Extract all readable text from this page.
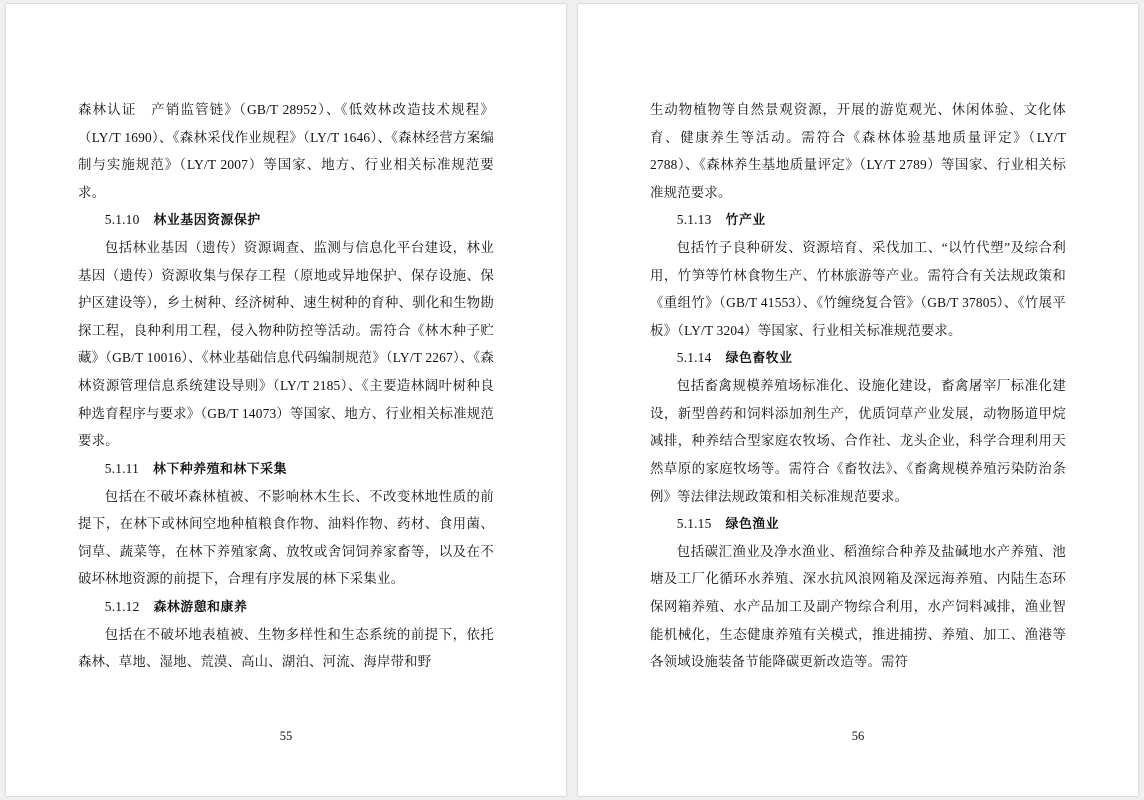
森林认证　产销监管链》（GB/T 28952）、《低效林改造技术规程》（LY/T 1690）、《森林采伐作业规程》（LY/T 1646）、《森林经营方案编制与实施规范》（LY/T 2007）等国家、地方、行业相关标准规范要求。

5.1.10 林业基因资源保护

包括林业基因（遗传）资源调查、监测与信息化平台建设，林业基因（遗传）资源收集与保存工程（原地或异地保护、保存设施、保护区建设等），乡土树种、经济树种、速生树种的育种、驯化和生物勘探工程，良种利用工程，侵入物种防控等活动。需符合《林木种子贮藏》（GB/T 10016）、《林业基础信息代码编制规范》（LY/T 2267）、《森林资源管理信息系统建设导则》（LY/T 2185）、《主要造林阔叶树种良种选育程序与要求》（GB/T 14073）等国家、地方、行业相关标准规范要求。

5.1.11 林下种养殖和林下采集

包括在不破坏森林植被、不影响林木生长、不改变林地性质的前提下，在林下或林间空地种植粮食作物、油料作物、药材、食用菌、饲草、蔬菜等，在林下养殖家禽、放牧或舍饲饲养家畜等，以及在不破坏林地资源的前提下，合理有序发展的林下采集业。

5.1.12 森林游憩和康养

包括在不破坏地表植被、生物多样性和生态系统的前提下，依托森林、草地、湿地、荒漠、高山、湖泊、河流、海岸带和野

55

生动物植物等自然景观资源，开展的游览观光、休闲体验、文化体育、健康养生等活动。需符合《森林体验基地质量评定》（LY/T 2788）、《森林养生基地质量评定》（LY/T 2789）等国家、行业相关标准规范要求。

5.1.13 竹产业

包括竹子良种研发、资源培育、采伐加工、“以竹代塑”及综合利用，竹笋等竹林食物生产、竹林旅游等产业。需符合有关法规政策和《重组竹》（GB/T 41553）、《竹缠绕复合管》（GB/T 37805）、《竹展平板》（LY/T 3204）等国家、行业相关标准规范要求。

5.1.14 绿色畜牧业

包括畜禽规模养殖场标准化、设施化建设，畜禽屠宰厂标准化建设，新型兽药和饲料添加剂生产，优质饲草产业发展，动物肠道甲烷减排，种养结合型家庭农牧场、合作社、龙头企业，科学合理利用天然草原的家庭牧场等。需符合《畜牧法》、《畜禽规模养殖污染防治条例》等法律法规政策和相关标准规范要求。

5.1.15 绿色渔业

包括碳汇渔业及净水渔业、稻渔综合种养及盐碱地水产养殖、池塘及工厂化循环水养殖、深水抗风浪网箱及深远海养殖、内陆生态环保网箱养殖、水产品加工及副产物综合利用，水产饲料减排，渔业智能机械化，生态健康养殖有关模式，推进捕捞、养殖、加工、渔港等各领域设施装备节能降碳更新改造等。需符

56
